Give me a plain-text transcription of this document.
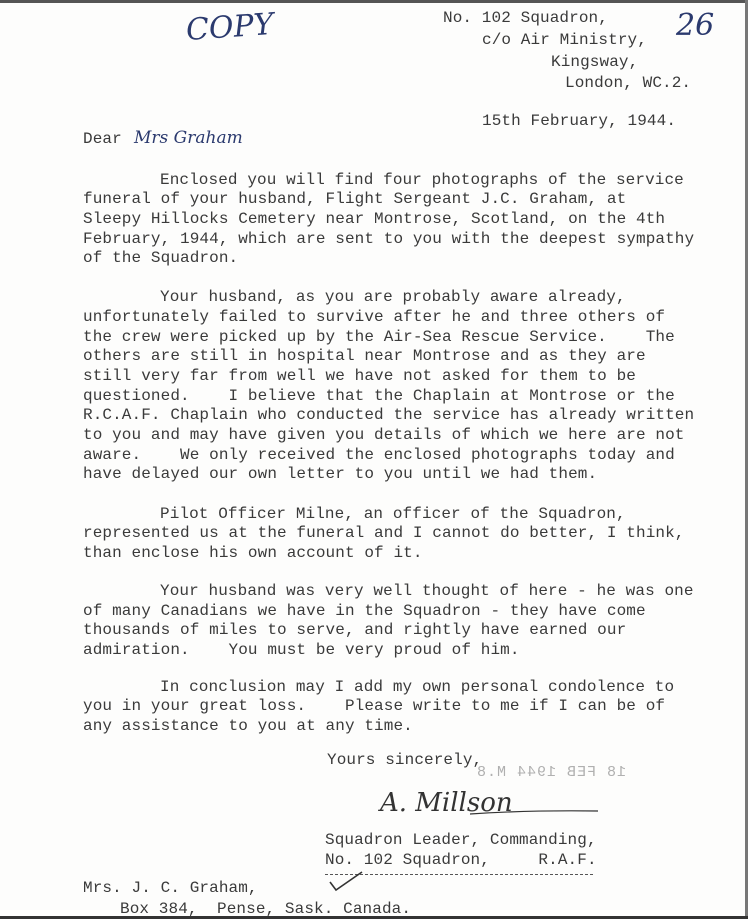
COPY	26
No. 102 Squadron,
c/o Air Ministry,
Kingsway,
London, WC.2.
15th February, 1944.
Dear Mrs Graham
Enclosed you will find four photographs of the service
funeral of your husband, Flight Sergeant J.C. Graham, at
Sleepy Hillocks Cemetery near Montrose, Scotland, on the 4th
February, 1944, which are sent to you with the deepest sympathy
of the Squadron.
Your husband, as you are probably aware already,
unfortunately failed to survive after he and three others of
the crew were picked up by the Air-Sea Rescue Service.    The
others are still in hospital near Montrose and as they are
still very far from well we have not asked for them to be
questioned.    I believe that the Chaplain at Montrose or the
R.C.A.F. Chaplain who conducted the service has already written
to you and may have given you details of which we here are not
aware.    We only received the enclosed photographs today and
have delayed our own letter to you until we had them.
Pilot Officer Milne, an officer of the Squadron,
represented us at the funeral and I cannot do better, I think,
than enclose his own account of it.
Your husband was very well thought of here - he was one
of many Canadians we have in the Squadron - they have come
thousands of miles to serve, and rightly have earned our
admiration.    You must be very proud of him.
In conclusion may I add my own personal condolence to
you in your great loss.    Please write to me if I can be of
any assistance to you at any time.
Yours sincerely,
18 FEB 1944 M.8
A. Millson
Squadron Leader, Commanding,
No. 102 Squadron,     R.A.F.
Mrs. J. C. Graham,
Box 384,  Pense, Sask. Canada.
